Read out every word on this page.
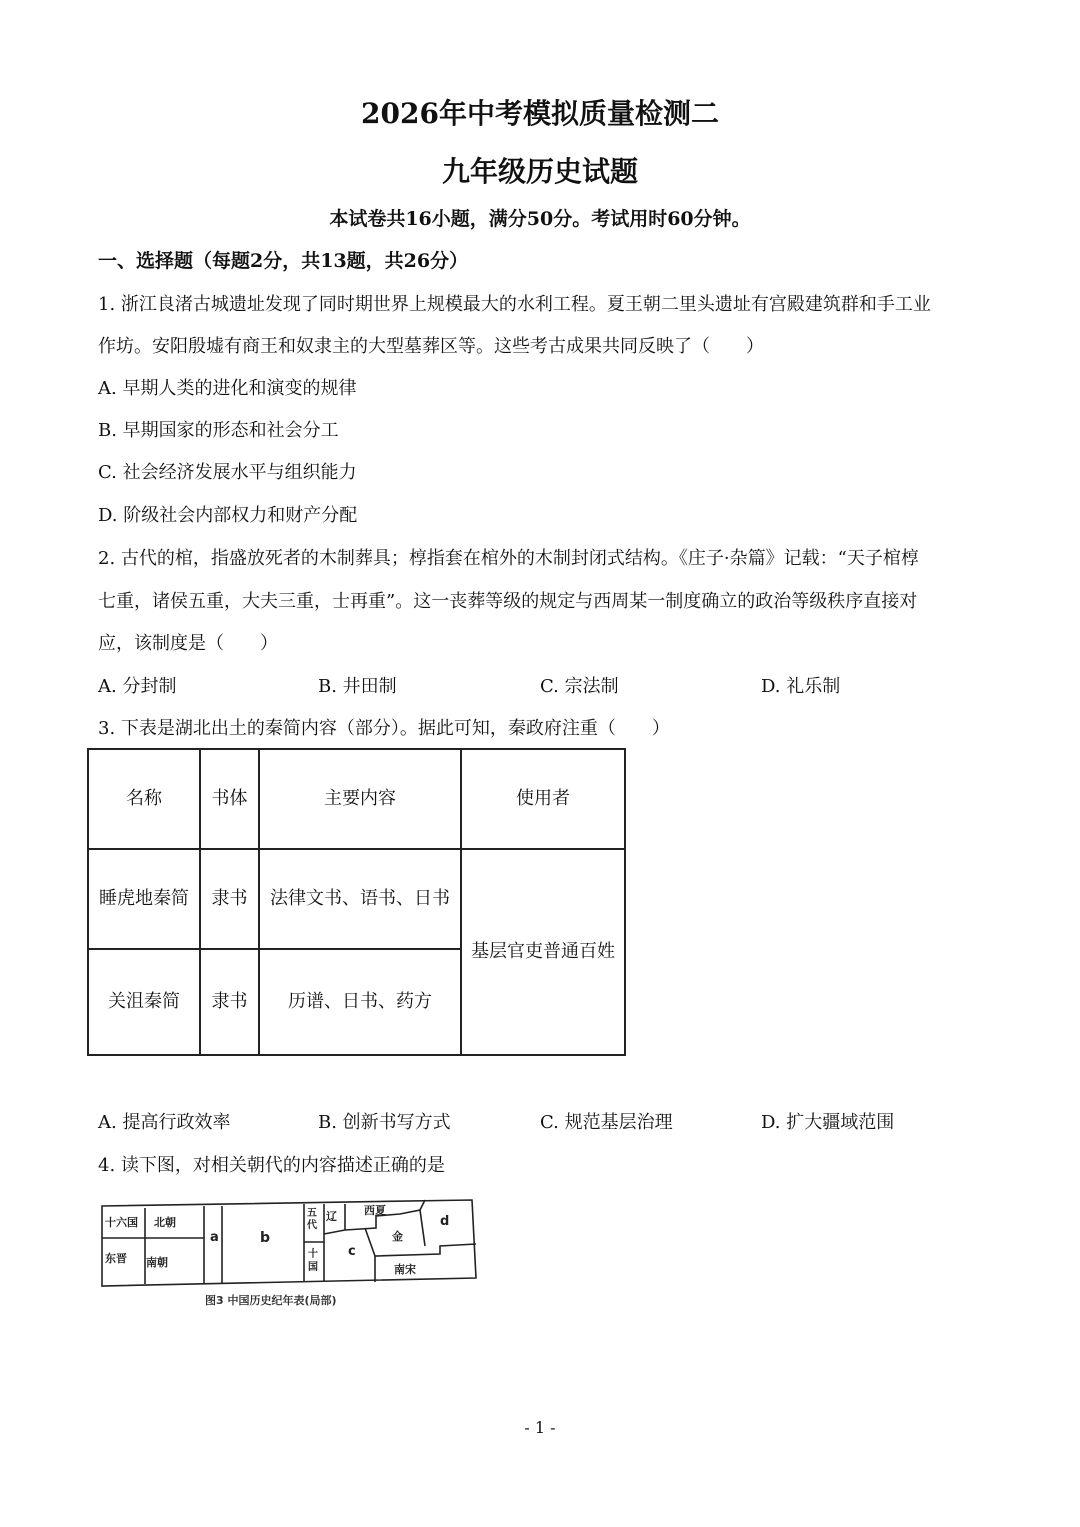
2026年中考模拟质量检测二
九年级历史试题
本试卷共16小题，满分50分。考试用时60分钟。
一、选择题（每题2分，共13题，共26分）
1. 浙江良渚古城遗址发现了同时期世界上规模最大的水利工程。夏王朝二里头遗址有宫殿建筑群和手工业
作坊。安阳殷墟有商王和奴隶主的大型墓葬区等。这些考古成果共同反映了（　　）
A. 早期人类的进化和演变的规律
B. 早期国家的形态和社会分工
C. 社会经济发展水平与组织能力
D. 阶级社会内部权力和财产分配
2. 古代的棺，指盛放死者的木制葬具；椁指套在棺外的木制封闭式结构。《庄子·杂篇》记载：“天子棺椁
七重，诸侯五重，大夫三重，士再重”。这一丧葬等级的规定与西周某一制度确立的政治等级秩序直接对
应，该制度是（　　）
A. 分封制	B. 井田制	C. 宗法制	D. 礼乐制
3. 下表是湖北出土的秦简内容（部分）。据此可知，秦政府注重（　　）
名称	书体	主要内容	使用者
睡虎地秦简	隶书	法律文书、语书、日书	基层官吏普通百姓
关沮秦简	隶书	历谱、日书、药方	
A. 提高行政效率	B. 创新书写方式	C. 规范基层治理	D. 扩大疆域范围
4. 读下图，对相关朝代的内容描述正确的是
十六国 北朝
东晋 南朝
a	b
五代
十国
辽 西夏
金
c
d
南宋
图3 中国历史纪年表(局部)
- 1 -
